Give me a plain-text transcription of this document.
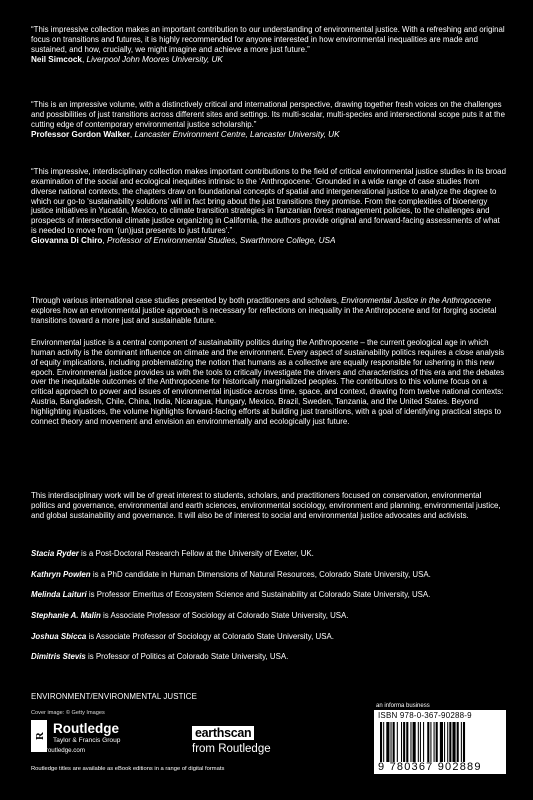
“This impressive collection makes an important contribution to our understanding of environmental justice. With a refreshing and original focus on transitions and futures, it is highly recommended for anyone interested in how environmental inequalities are made and sustained, and how, crucially, we might imagine and achieve a more just future.”

Neil Simcock, Liverpool John Moores University, UK

“This is an impressive volume, with a distinctively critical and international perspective, drawing together fresh voices on the challenges and possibilities of just transitions across different sites and settings. Its multi-scalar, multi-species and intersectional scope puts it at the cutting edge of contemporary environmental justice scholarship.”

Professor Gordon Walker, Lancaster Environment Centre, Lancaster University, UK

“This impressive, interdisciplinary collection makes important contributions to the field of critical environmental justice studies in its broad examination of the social and ecological inequities intrinsic to the ‘Anthropocene.’ Grounded in a wide range of case studies from diverse national contexts, the chapters draw on foundational concepts of spatial and intergenerational justice to analyze the degree to which our go-to ‘sustainability solutions’ will in fact bring about the just transitions they promise. From the complexities of bioenergy justice initiatives in Yucatán, Mexico, to climate transition strategies in Tanzanian forest management policies, to the challenges and prospects of intersectional climate justice organizing in California, the authors provide original and forward-facing assessments of what is needed to move from ‘(un)just presents to just futures’.”

Giovanna Di Chiro, Professor of Environmental Studies, Swarthmore College, USA

Through various international case studies presented by both practitioners and scholars, Environmental Justice in the Anthropocene explores how an environmental justice approach is necessary for reflections on inequality in the Anthropocene and for forging societal transitions toward a more just and sustainable future.

Environmental justice is a central component of sustainability politics during the Anthropocene – the current geological age in which human activity is the dominant influence on climate and the environment. Every aspect of sustainability politics requires a close analysis of equity implications, including problematizing the notion that humans as a collective are equally responsible for ushering in this new epoch. Environmental justice provides us with the tools to critically investigate the drivers and characteristics of this era and the debates over the inequitable outcomes of the Anthropocene for historically marginalized peoples. The contributors to this volume focus on a critical approach to power and issues of environmental injustice across time, space, and context, drawing from twelve national contexts: Austria, Bangladesh, Chile, China, India, Nicaragua, Hungary, Mexico, Brazil, Sweden, Tanzania, and the United States. Beyond highlighting injustices, the volume highlights forward-facing efforts at building just transitions, with a goal of identifying practical steps to connect theory and movement and envision an environmentally and ecologically just future.

This interdisciplinary work will be of great interest to students, scholars, and practitioners focused on conservation, environmental politics and governance, environmental and earth sciences, environmental sociology, environment and planning, environmental justice, and global sustainability and governance. It will also be of interest to social and environmental justice advocates and activists.

Stacia Ryder is a Post-Doctoral Research Fellow at the University of Exeter, UK.
Kathryn Powlen is a PhD candidate in Human Dimensions of Natural Resources, Colorado State University, USA.
Melinda Laituri is Professor Emeritus of Ecosystem Science and Sustainability at Colorado State University, USA.
Stephanie A. Malin is Associate Professor of Sociology at Colorado State University, USA.
Joshua Sbicca is Associate Professor of Sociology at Colorado State University, USA.
Dimitris Stevis is Professor of Politics at Colorado State University, USA.
ENVIRONMENT/ENVIRONMENTAL JUSTICE
Cover image: © Getty Images
R Routledge
Taylor & Francis Group
www.routledge.com
earthscan
from Routledge
an informa business
ISBN 978-0-367-90288-9
9 780367 902889
Routledge titles are available as eBook editions in a range of digital formats
